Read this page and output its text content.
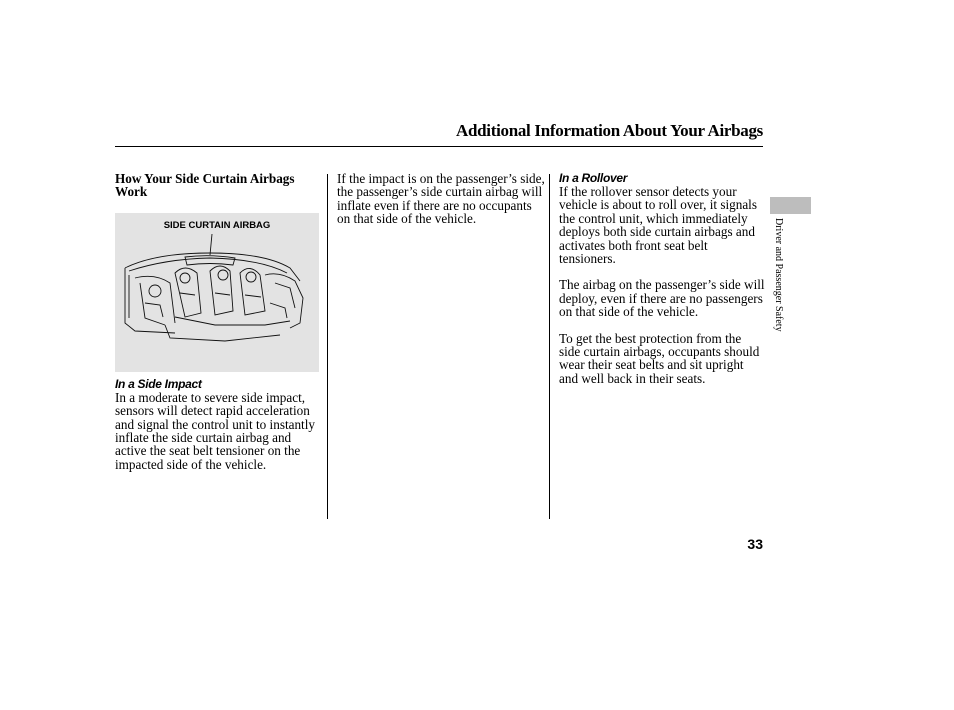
Additional Information About Your Airbags
How Your Side Curtain Airbags Work
SIDE CURTAIN AIRBAG
In a Side Impact

In a moderate to severe side impact, sensors will detect rapid acceleration and signal the control unit to instantly inflate the side curtain airbag and active the seat belt tensioner on the impacted side of the vehicle.

If the impact is on the passenger’s side, the passenger’s side curtain airbag will inflate even if there are no occupants on that side of the vehicle.

In a Rollover

If the rollover sensor detects your vehicle is about to roll over, it signals the control unit, which immediately deploys both side curtain airbags and activates both front seat belt tensioners.

The airbag on the passenger’s side will deploy, even if there are no passengers on that side of the vehicle.

To get the best protection from the side curtain airbags, occupants should wear their seat belts and sit upright and well back in their seats.

Driver and Passenger Safety
33
